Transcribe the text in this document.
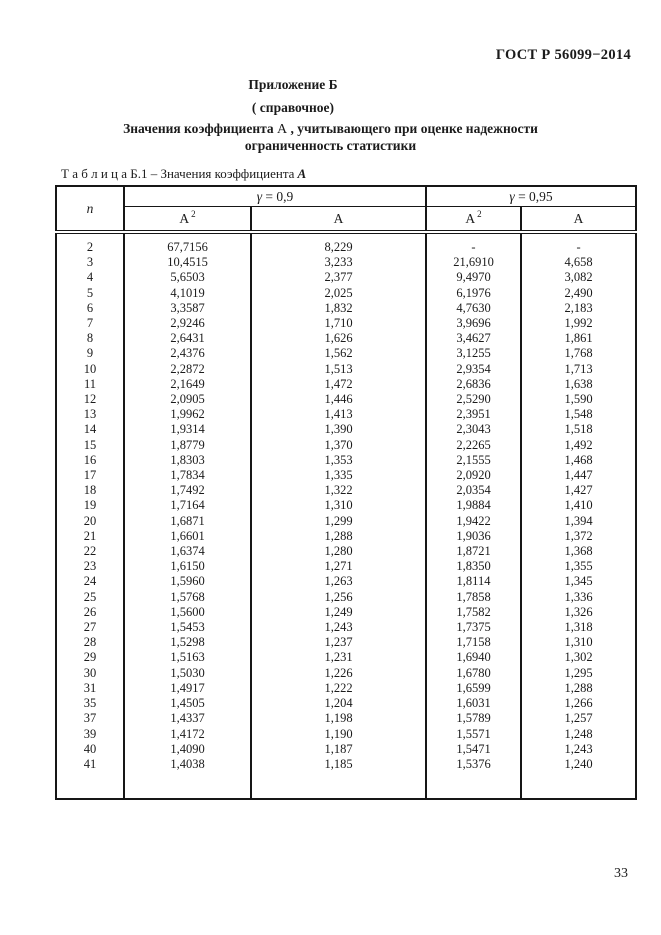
ГОСТ Р 56099−2014
Приложение Б
( справочное)
Значения коэффициента А , учитывающего при оценке надежности
ограниченность статистики
Т а б л и ц а Б.1 – Значения коэффициента А
n	γ = 0,9		γ = 0,95	
	А $^2$	А	А $^2$	А
2	67,7156	8,229	-	-
3	10,4515	3,233	21,6910	4,658
4	5,6503	2,377	9,4970	3,082
5	4,1019	2,025	6,1976	2,490
6	3,3587	1,832	4,7630	2,183
7	2,9246	1,710	3,9696	1,992
8	2,6431	1,626	3,4627	1,861
9	2,4376	1,562	3,1255	1,768
10	2,2872	1,513	2,9354	1,713
11	2,1649	1,472	2,6836	1,638
12	2,0905	1,446	2,5290	1,590
13	1,9962	1,413	2,3951	1,548
14	1,9314	1,390	2,3043	1,518
15	1,8779	1,370	2,2265	1,492
16	1,8303	1,353	2,1555	1,468
17	1,7834	1,335	2,0920	1,447
18	1,7492	1,322	2,0354	1,427
19	1,7164	1,310	1,9884	1,410
20	1,6871	1,299	1,9422	1,394
21	1,6601	1,288	1,9036	1,372
22	1,6374	1,280	1,8721	1,368
23	1,6150	1,271	1,8350	1,355
24	1,5960	1,263	1,8114	1,345
25	1,5768	1,256	1,7858	1,336
26	1,5600	1,249	1,7582	1,326
27	1,5453	1,243	1,7375	1,318
28	1,5298	1,237	1,7158	1,310
29	1,5163	1,231	1,6940	1,302
30	1,5030	1,226	1,6780	1,295
31	1,4917	1,222	1,6599	1,288
35	1,4505	1,204	1,6031	1,266
37	1,4337	1,198	1,5789	1,257
39	1,4172	1,190	1,5571	1,248
40	1,4090	1,187	1,5471	1,243
41	1,4038	1,185	1,5376	1,240

33
